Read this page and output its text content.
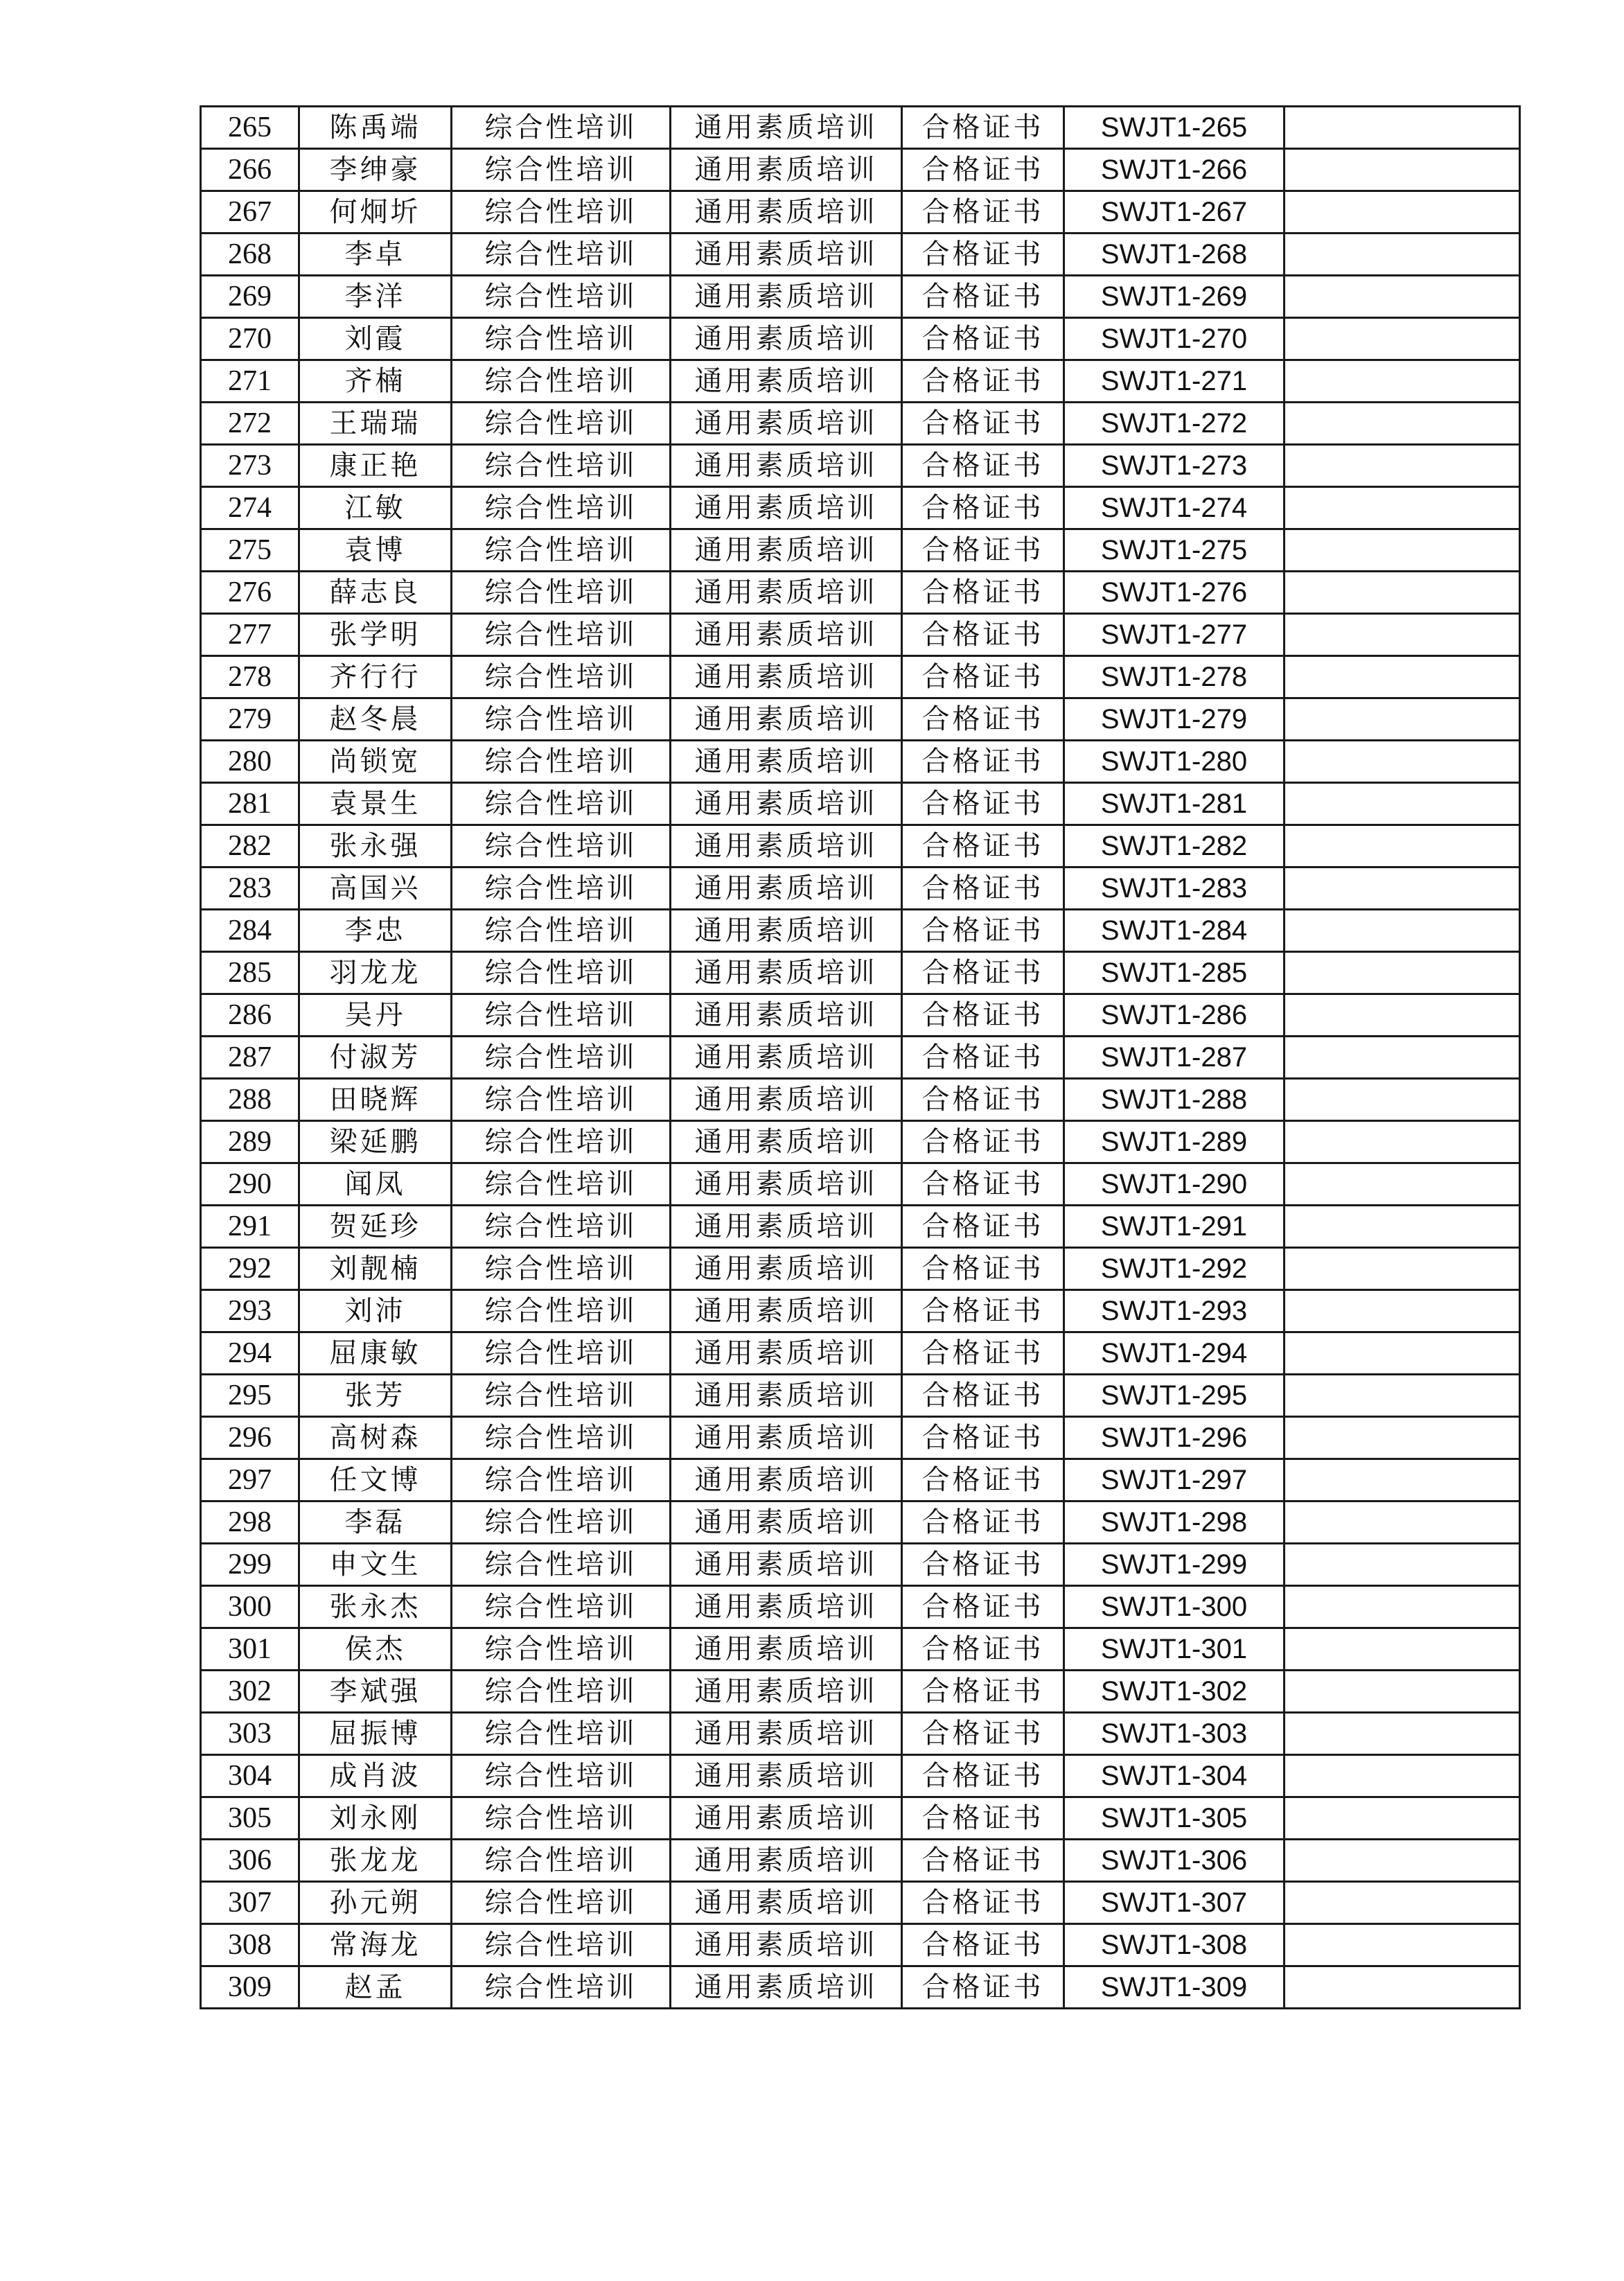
265	陈禹端	综合性培训	通用素质培训	合格证书	SWJT1-265	
266	李绅豪	综合性培训	通用素质培训	合格证书	SWJT1-266	
267	何炯圻	综合性培训	通用素质培训	合格证书	SWJT1-267	
268	李卓	综合性培训	通用素质培训	合格证书	SWJT1-268	
269	李洋	综合性培训	通用素质培训	合格证书	SWJT1-269	
270	刘霞	综合性培训	通用素质培训	合格证书	SWJT1-270	
271	齐楠	综合性培训	通用素质培训	合格证书	SWJT1-271	
272	王瑞瑞	综合性培训	通用素质培训	合格证书	SWJT1-272	
273	康正艳	综合性培训	通用素质培训	合格证书	SWJT1-273	
274	江敏	综合性培训	通用素质培训	合格证书	SWJT1-274	
275	袁博	综合性培训	通用素质培训	合格证书	SWJT1-275	
276	薛志良	综合性培训	通用素质培训	合格证书	SWJT1-276	
277	张学明	综合性培训	通用素质培训	合格证书	SWJT1-277	
278	齐行行	综合性培训	通用素质培训	合格证书	SWJT1-278	
279	赵冬晨	综合性培训	通用素质培训	合格证书	SWJT1-279	
280	尚锁宽	综合性培训	通用素质培训	合格证书	SWJT1-280	
281	袁景生	综合性培训	通用素质培训	合格证书	SWJT1-281	
282	张永强	综合性培训	通用素质培训	合格证书	SWJT1-282	
283	高国兴	综合性培训	通用素质培训	合格证书	SWJT1-283	
284	李忠	综合性培训	通用素质培训	合格证书	SWJT1-284	
285	羽龙龙	综合性培训	通用素质培训	合格证书	SWJT1-285	
286	吴丹	综合性培训	通用素质培训	合格证书	SWJT1-286	
287	付淑芳	综合性培训	通用素质培训	合格证书	SWJT1-287	
288	田晓辉	综合性培训	通用素质培训	合格证书	SWJT1-288	
289	梁延鹏	综合性培训	通用素质培训	合格证书	SWJT1-289	
290	闻凤	综合性培训	通用素质培训	合格证书	SWJT1-290	
291	贺延珍	综合性培训	通用素质培训	合格证书	SWJT1-291	
292	刘靓楠	综合性培训	通用素质培训	合格证书	SWJT1-292	
293	刘沛	综合性培训	通用素质培训	合格证书	SWJT1-293	
294	屈康敏	综合性培训	通用素质培训	合格证书	SWJT1-294	
295	张芳	综合性培训	通用素质培训	合格证书	SWJT1-295	
296	高树森	综合性培训	通用素质培训	合格证书	SWJT1-296	
297	任文博	综合性培训	通用素质培训	合格证书	SWJT1-297	
298	李磊	综合性培训	通用素质培训	合格证书	SWJT1-298	
299	申文生	综合性培训	通用素质培训	合格证书	SWJT1-299	
300	张永杰	综合性培训	通用素质培训	合格证书	SWJT1-300	
301	侯杰	综合性培训	通用素质培训	合格证书	SWJT1-301	
302	李斌强	综合性培训	通用素质培训	合格证书	SWJT1-302	
303	屈振博	综合性培训	通用素质培训	合格证书	SWJT1-303	
304	成肖波	综合性培训	通用素质培训	合格证书	SWJT1-304	
305	刘永刚	综合性培训	通用素质培训	合格证书	SWJT1-305	
306	张龙龙	综合性培训	通用素质培训	合格证书	SWJT1-306	
307	孙元朔	综合性培训	通用素质培训	合格证书	SWJT1-307	
308	常海龙	综合性培训	通用素质培训	合格证书	SWJT1-308	
309	赵孟	综合性培训	通用素质培训	合格证书	SWJT1-309	
